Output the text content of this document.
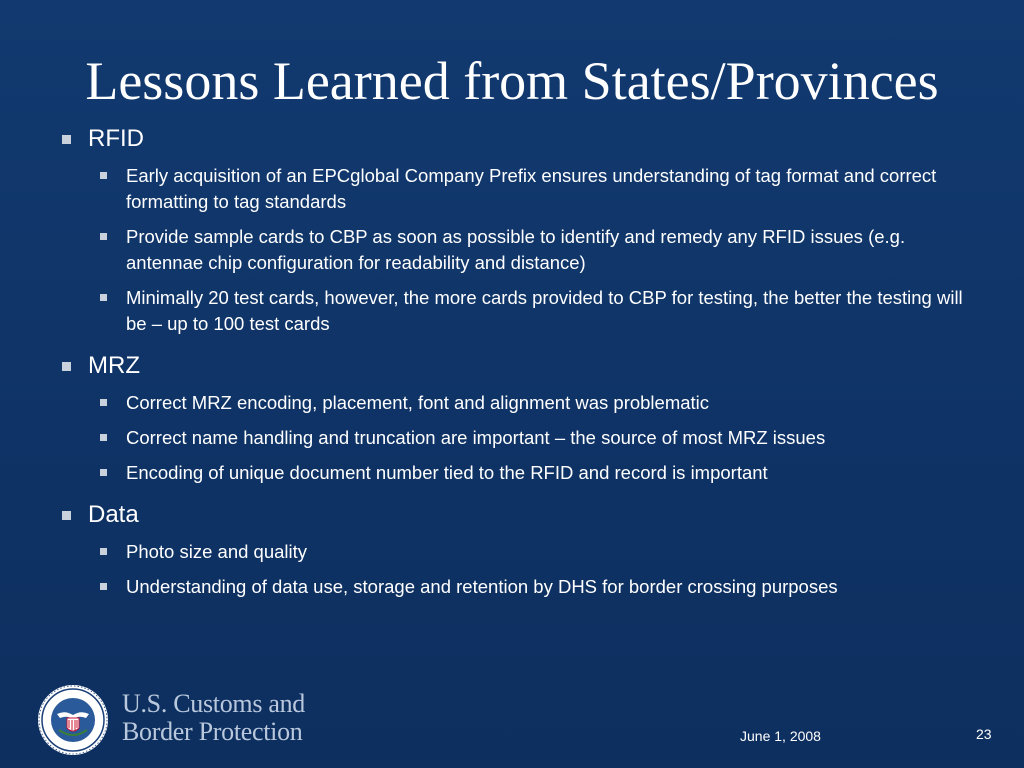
Lessons Learned from States/Provinces
RFID
Early acquisition of an EPCglobal Company Prefix ensures understanding of tag format and correct formatting to tag standards
Provide sample cards to CBP as soon as possible to identify and remedy any RFID issues (e.g. antennae chip configuration for readability and distance)
Minimally 20 test cards, however, the more cards provided to CBP for testing, the better the testing will be – up to 100 test cards
MRZ
Correct MRZ encoding, placement, font and alignment was problematic
Correct name handling and truncation are important – the source of most MRZ issues
Encoding of unique document number tied to the RFID and record is important
Data
Photo size and quality
Understanding of data use, storage and retention by DHS for border crossing purposes
U.S. Customs and
Border Protection	June 1, 2008	23
